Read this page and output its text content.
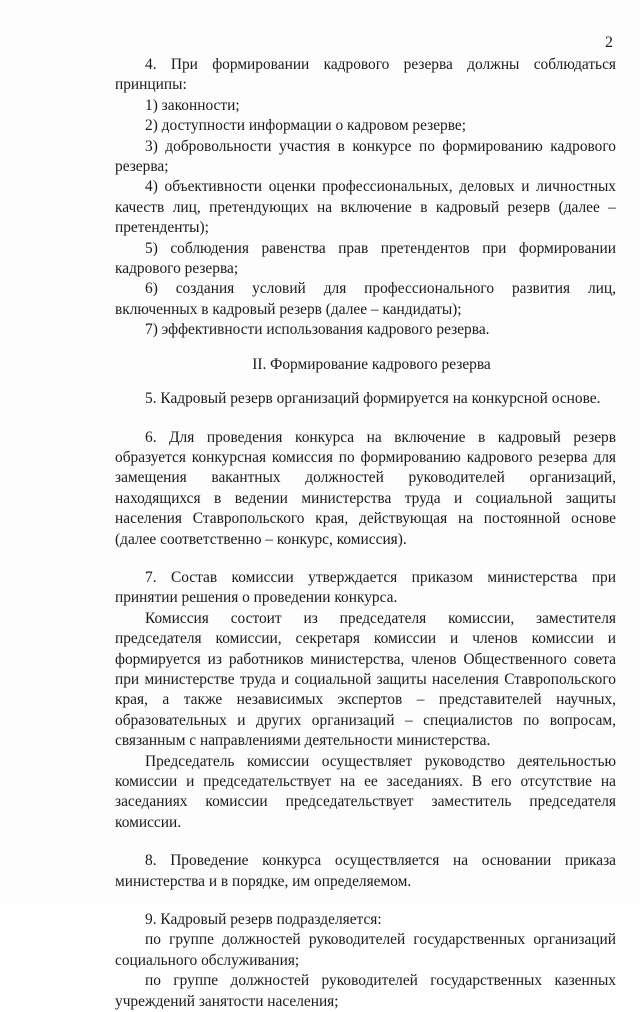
2

4. При формировании кадрового резерва должны соблюдаться принципы:

1) законности;

2) доступности информации о кадровом резерве;

3) добровольности участия в конкурсе по формированию кадрового резерва;

4) объективности оценки профессиональных, деловых и личностных качеств лиц, претендующих на включение в кадровый резерв (далее – претенденты);

5) соблюдения равенства прав претендентов при формировании кадрового резерва;

6) создания условий для профессионального развития лиц, включенных в кадровый резерв (далее – кандидаты);

7) эффективности использования кадрового резерва.

II. Формирование кадрового резерва

5. Кадровый резерв организаций формируется на конкурсной основе.

6. Для проведения конкурса на включение в кадровый резерв образуется конкурсная комиссия по формированию кадрового резерва для замещения вакантных должностей руководителей организаций, находящихся в ведении министерства труда и социальной защиты населения Ставропольского края, действующая на постоянной основе (далее соответственно – конкурс, комиссия).

7. Состав комиссии утверждается приказом министерства при принятии решения о проведении конкурса.

Комиссия состоит из председателя комиссии, заместителя председателя комиссии, секретаря комиссии и членов комиссии и формируется из работников министерства, членов Общественного совета при министерстве труда и социальной защиты населения Ставропольского края, а также независимых экспертов – представителей научных, образовательных и других организаций – специалистов по вопросам, связанным с направлениями деятельности министерства.

Председатель комиссии осуществляет руководство деятельностью комиссии и председательствует на ее заседаниях. В его отсутствие на заседаниях комиссии председательствует заместитель председателя комиссии.

8. Проведение конкурса осуществляется на основании приказа министерства и в порядке, им определяемом.

9. Кадровый резерв подразделяется:

по группе должностей руководителей государственных организаций социального обслуживания;

по группе должностей руководителей государственных казенных учреждений занятости населения;
